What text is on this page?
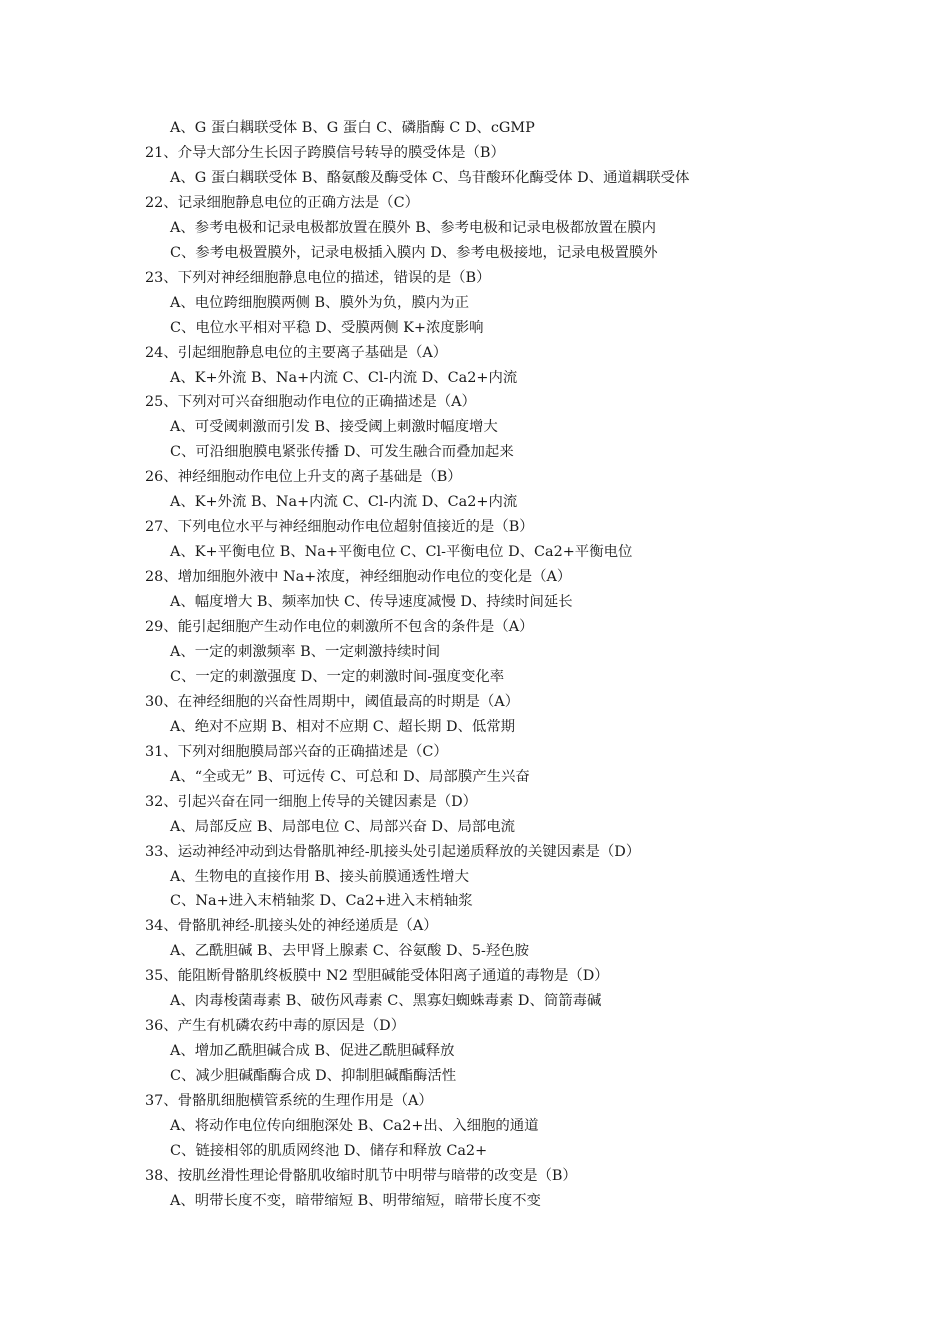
A、G 蛋白耦联受体 B、G 蛋白 C、磷脂酶 C D、cGMP
21、介导大部分生长因子跨膜信号转导的膜受体是（B）
A、G 蛋白耦联受体 B、酪氨酸及酶受体 C、鸟苷酸环化酶受体 D、通道耦联受体
22、记录细胞静息电位的正确方法是（C）
A、参考电极和记录电极都放置在膜外 B、参考电极和记录电极都放置在膜内
C、参考电极置膜外，记录电极插入膜内 D、参考电极接地，记录电极置膜外
23、下列对神经细胞静息电位的描述，错误的是（B）
A、电位跨细胞膜两侧 B、膜外为负，膜内为正
C、电位水平相对平稳 D、受膜两侧 K+浓度影响
24、引起细胞静息电位的主要离子基础是（A）
A、K+外流 B、Na+内流 C、Cl-内流 D、Ca2+内流
25、下列对可兴奋细胞动作电位的正确描述是（A）
A、可受阈刺激而引发 B、接受阈上刺激时幅度增大
C、可沿细胞膜电紧张传播 D、可发生融合而叠加起来
26、神经细胞动作电位上升支的离子基础是（B）
A、K+外流 B、Na+内流 C、Cl-内流 D、Ca2+内流
27、下列电位水平与神经细胞动作电位超射值接近的是（B）
A、K+平衡电位 B、Na+平衡电位 C、Cl-平衡电位 D、Ca2+平衡电位
28、增加细胞外液中 Na+浓度，神经细胞动作电位的变化是（A）
A、幅度增大 B、频率加快 C、传导速度减慢 D、持续时间延长
29、能引起细胞产生动作电位的刺激所不包含的条件是（A）
A、一定的刺激频率 B、一定刺激持续时间
C、一定的刺激强度 D、一定的刺激时间-强度变化率
30、在神经细胞的兴奋性周期中，阈值最高的时期是（A）
A、绝对不应期 B、相对不应期 C、超长期 D、低常期
31、下列对细胞膜局部兴奋的正确描述是（C）
A、“全或无” B、可远传 C、可总和 D、局部膜产生兴奋
32、引起兴奋在同一细胞上传导的关键因素是（D）
A、局部反应 B、局部电位 C、局部兴奋 D、局部电流
33、运动神经冲动到达骨骼肌神经-肌接头处引起递质释放的关键因素是（D）
A、生物电的直接作用 B、接头前膜通透性增大
C、Na+进入末梢轴浆 D、Ca2+进入末梢轴浆
34、骨骼肌神经-肌接头处的神经递质是（A）
A、乙酰胆碱 B、去甲肾上腺素 C、谷氨酸 D、5-羟色胺
35、能阻断骨骼肌终板膜中 N2 型胆碱能受体阳离子通道的毒物是（D）
A、肉毒梭菌毒素 B、破伤风毒素 C、黑寡妇蜘蛛毒素 D、筒箭毒碱
36、产生有机磷农药中毒的原因是（D）
A、增加乙酰胆碱合成 B、促进乙酰胆碱释放
C、减少胆碱酯酶合成 D、抑制胆碱酯酶活性
37、骨骼肌细胞横管系统的生理作用是（A）
A、将动作电位传向细胞深处 B、Ca2+出、入细胞的通道
C、链接相邻的肌质网终池 D、储存和释放 Ca2+
38、按肌丝滑性理论骨骼肌收缩时肌节中明带与暗带的改变是（B）
A、明带长度不变，暗带缩短 B、明带缩短，暗带长度不变
